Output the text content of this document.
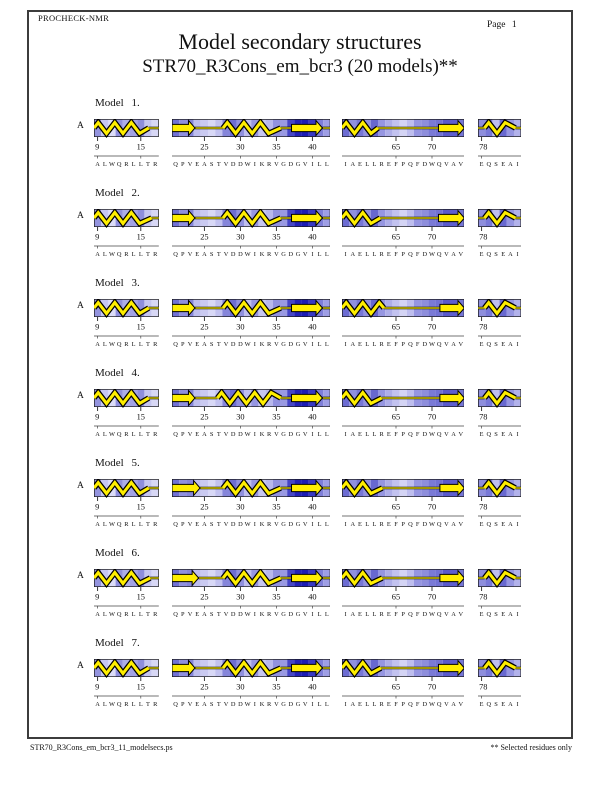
PROCHECK-NMR
Page 1
Model secondary structures
STR70_R3Cons_em_bcr3 (20 models)**
Model 1.
A
9	15
A L W Q R L L T R
25	30	35	40
Q P V E A S T V D D W I K R V G D G V I L L
65	70
I A E L L R E F P Q F D W Q V A V
78
E Q S E A I
Model 2.
A
9	15
A L W Q R L L T R
25	30	35	40
Q P V E A S T V D D W I K R V G D G V I L L
65	70
I A E L L R E F P Q F D W Q V A V
78
E Q S E A I
Model 3.
A
9	15
A L W Q R L L T R
25	30	35	40
Q P V E A S T V D D W I K R V G D G V I L L
65	70
I A E L L R E F P Q F D W Q V A V
78
E Q S E A I
Model 4.
A
9	15
A L W Q R L L T R
25	30	35	40
Q P V E A S T V D D W I K R V G D G V I L L
65	70
I A E L L R E F P Q F D W Q V A V
78
E Q S E A I
Model 5.
A
9	15
A L W Q R L L T R
25	30	35	40
Q P V E A S T V D D W I K R V G D G V I L L
65	70
I A E L L R E F P Q F D W Q V A V
78
E Q S E A I
Model 6.
A
9	15
A L W Q R L L T R
25	30	35	40
Q P V E A S T V D D W I K R V G D G V I L L
65	70
I A E L L R E F P Q F D W Q V A V
78
E Q S E A I
Model 7.
A
9	15
A L W Q R L L T R
25	30	35	40
Q P V E A S T V D D W I K R V G D G V I L L
65	70
I A E L L R E F P Q F D W Q V A V
78
E Q S E A I
STR70_R3Cons_em_bcr3_11_modelsecs.ps	** Selected residues only
